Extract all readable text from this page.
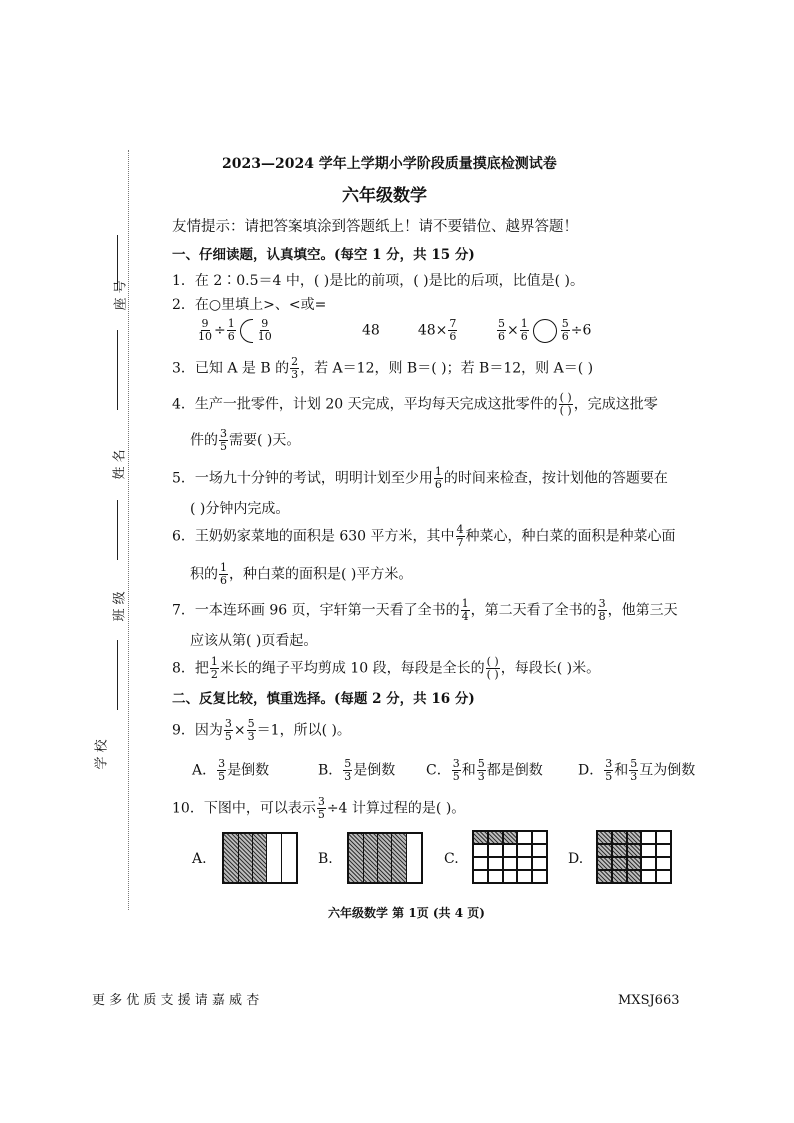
座 号
姓 名
班 级
学 校
2023—2024 学年上学期小学阶段质量摸底检测试卷
六年级数学
友情提示：请把答案填涂到答题纸上！请不要错位、越界答题！
一、仔细读题，认真填空。(每空 1 分，共 15 分)
1．在 2∶0.5＝4 中，( )是比的前项，( )是比的后项，比值是( )。
2．在○里填上>、<或=
$\frac{9}{10} \div \frac{1}{6} \frac{9}{10}$	48	$48\times \frac{7}{6}$	$\frac{5}{6} \times \frac{1}{6}$	$\frac{5}{6} \div 6$
3．已知 A 是 B 的 $\frac{2}{3}$ ，若 A＝12，则 B＝( )；若 B＝12，则 A＝( )
4．生产一批零件，计划 20 天完成，平均每天完成这批零件的 $\frac{( )}{( )}$ ，完成这批零
件的 $\frac{3}{5}$ 需要( )天。
5．一场九十分钟的考试，明明计划至少用 $\frac{1}{6}$ 的时间来检查，按计划他的答题要在
( )分钟内完成。
6．王奶奶家菜地的面积是 630 平方米，其中 $\frac{4}{7}$ 种菜心，种白菜的面积是种菜心面
积的 $\frac{1}{6}$ ，种白菜的面积是( )平方米。
7．一本连环画 96 页，宇轩第一天看了全书的 $\frac{1}{4}$ ，第二天看了全书的 $\frac{3}{8}$ ，他第三天
应该从第( )页看起。
8．把 $\frac{1}{2}$ 米长的绳子平均剪成 10 段，每段是全长的 $\frac{( )}{( )}$ ，每段长( )米。
二、反复比较，慎重选择。(每题 2 分，共 16 分)
9．因为 $\frac{3}{5} \times \frac{5}{3} =1$，所以( )。
A． $\frac{3}{5}$ 是倒数	B． $\frac{5}{3}$ 是倒数 C． $\frac{3}{5}$ 和 $\frac{5}{3}$ 都是倒数	D． $\frac{3}{5}$ 和 $\frac{5}{3}$ 互为倒数
10．下图中，可以表示 $\frac{3}{5} \div 4$ 计算过程的是( )。
A.	B.	C.	D.
六年级数学 第 1页 (共 4 页)
更 多 优 质 支 援 请 嘉 威 杏	MXSJ663
